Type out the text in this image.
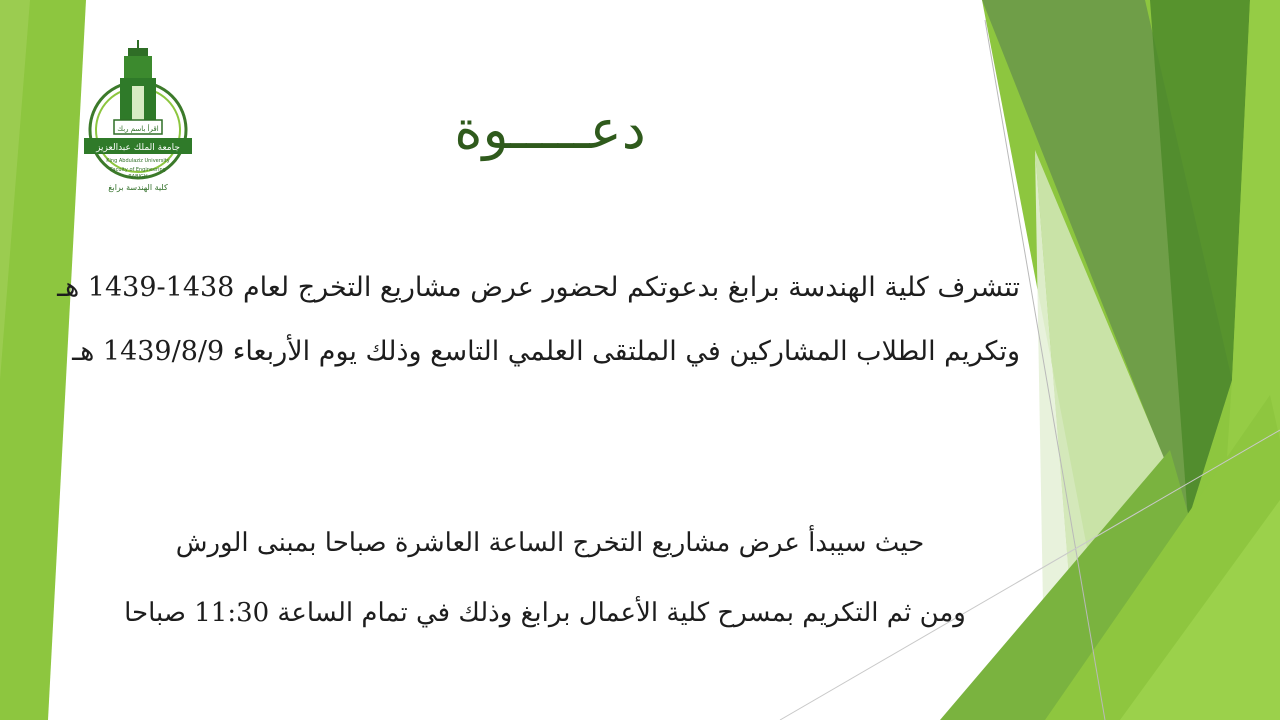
اقرأ باسم ربك
جامعة الملك عبدالعزيز
King Abdulaziz University
Faculty of Engineering
RABIGH
كلية الهندسة برابغ
دعـــــوة
تتشرف كلية الهندسة برابغ بدعوتكم لحضور عرض مشاريع التخرج لعام 1438-1439 هـ
وتكريم الطلاب المشاركين في الملتقى العلمي التاسع وذلك يوم الأربعاء 1439/8/9 هـ
حيث سيبدأ عرض مشاريع التخرج الساعة العاشرة صباحا بمبنى الورش
ومن ثم التكريم بمسرح كلية الأعمال برابغ وذلك في تمام الساعة 11:30 صباحا
